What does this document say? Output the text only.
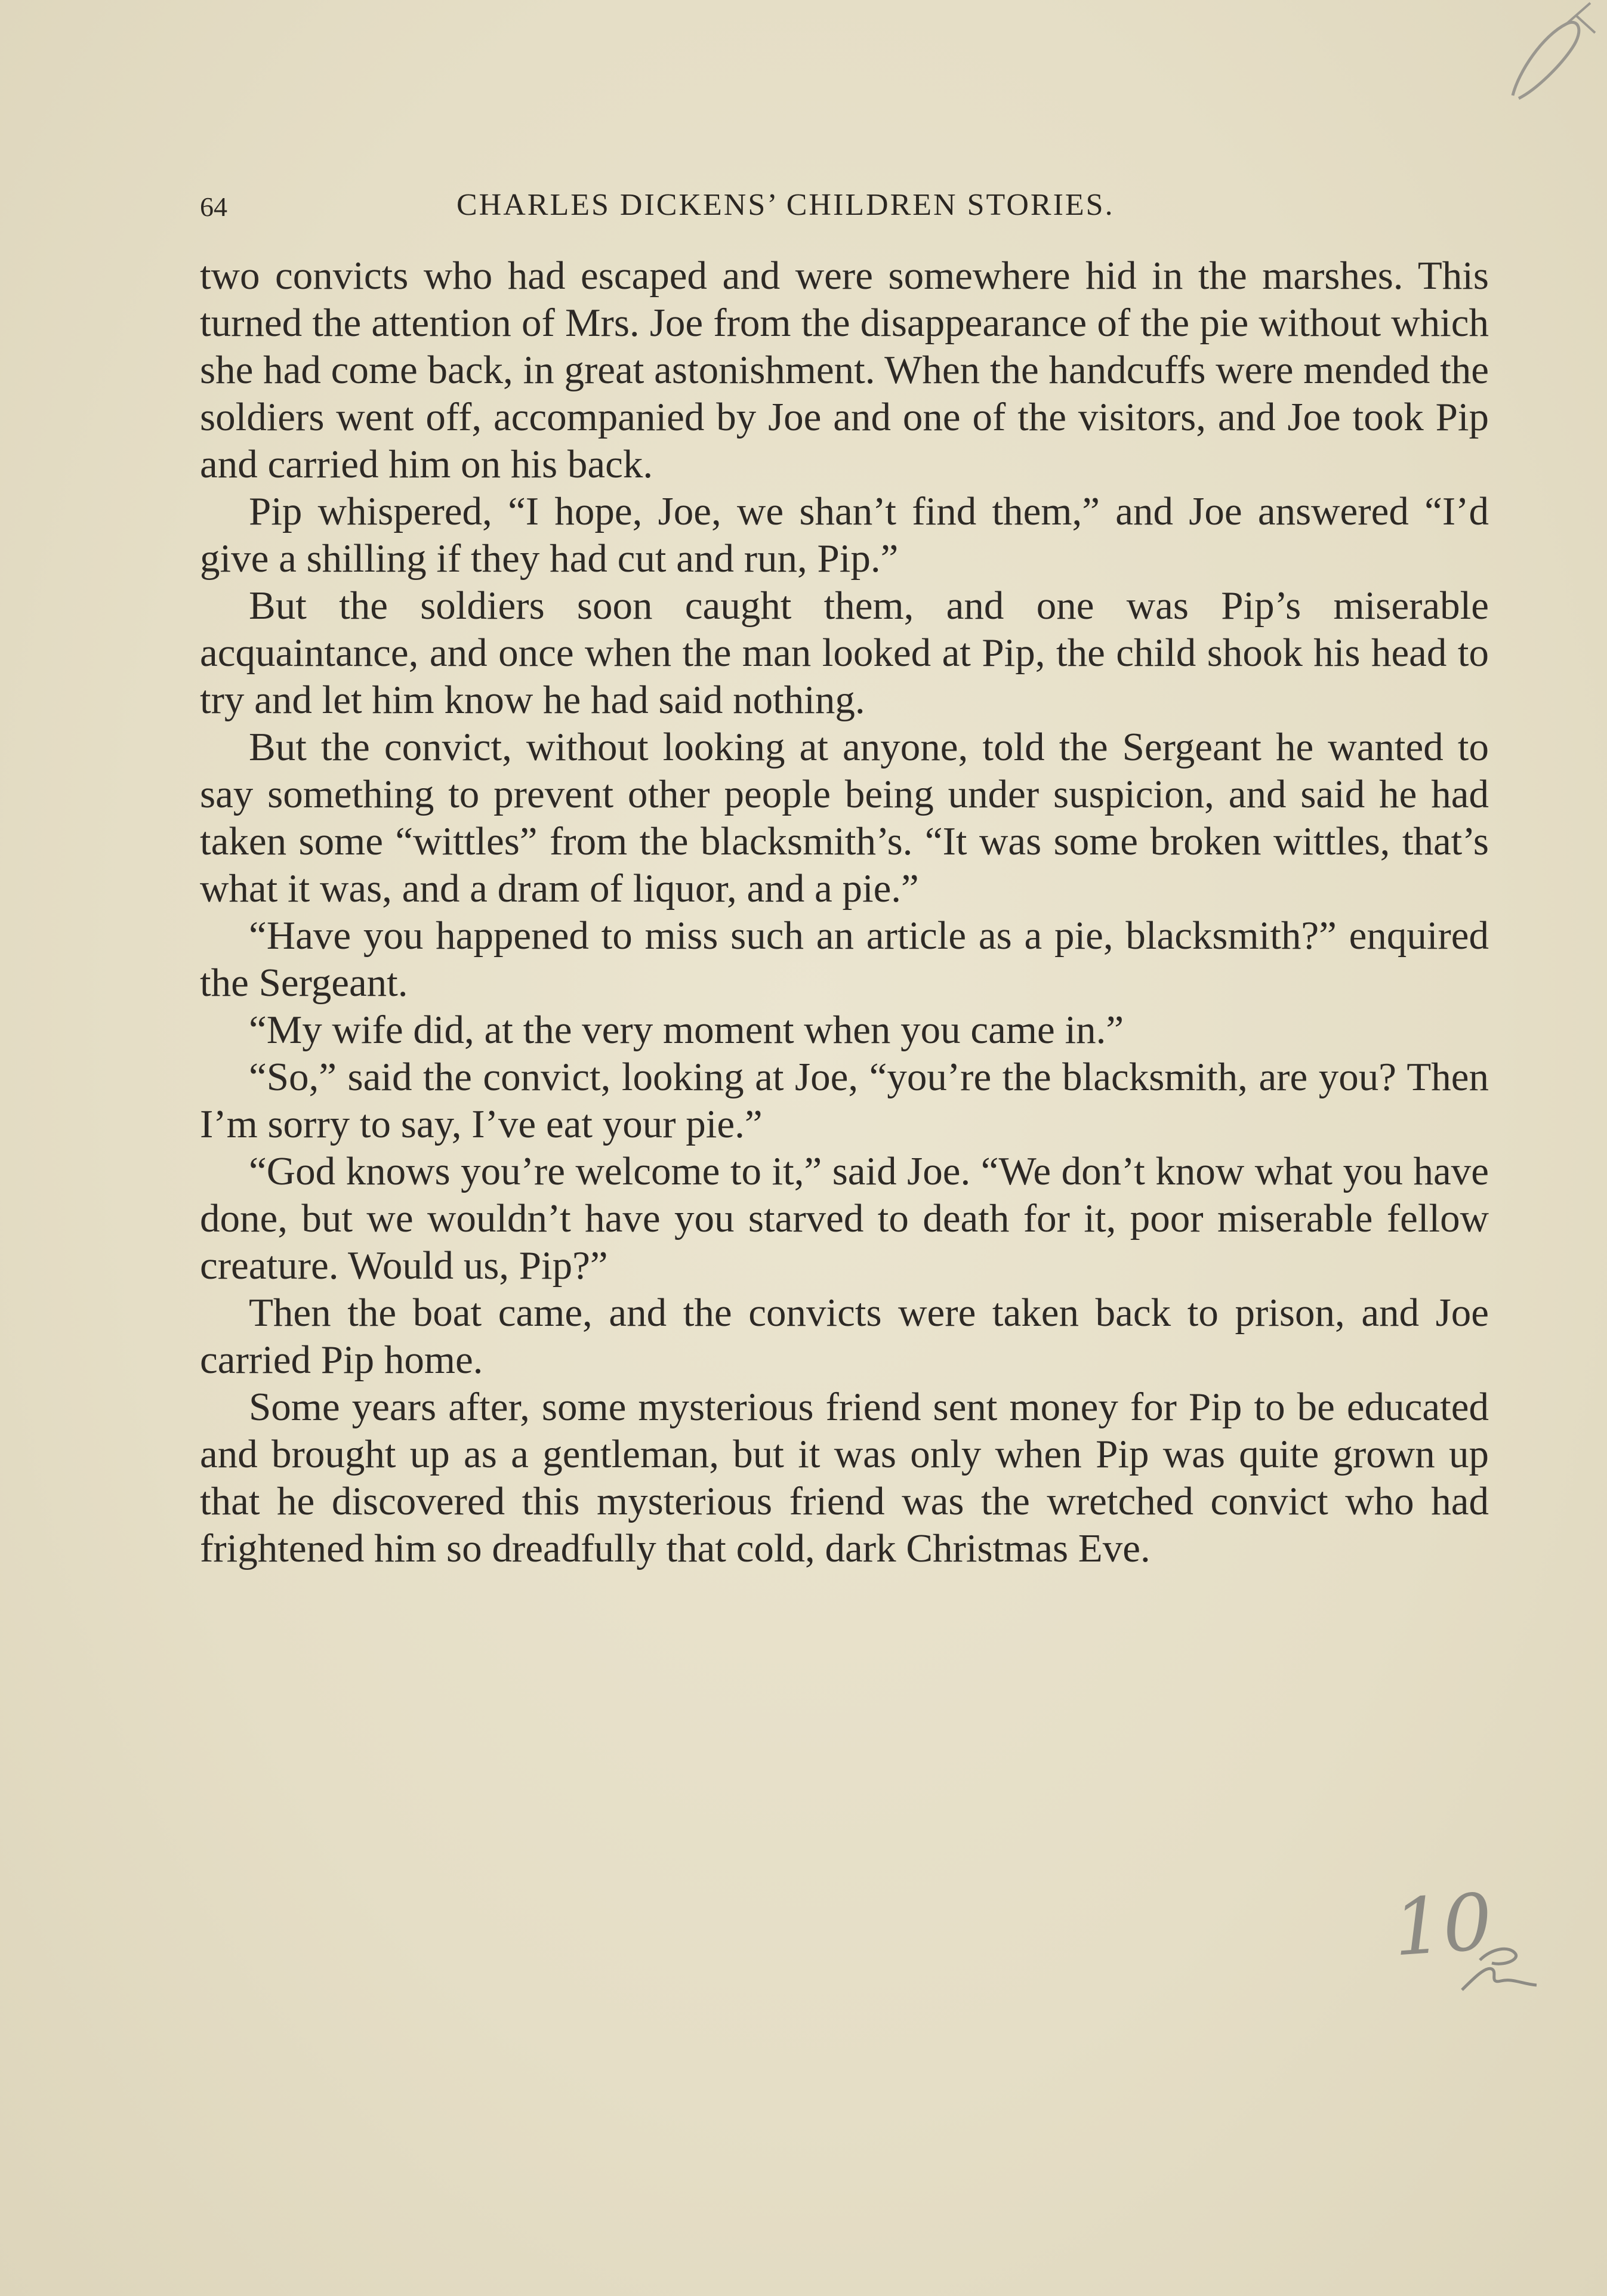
64	CHARLES DICKENS’ CHILDREN STORIES.

two convicts who had escaped and were somewhere hid in the marshes. This turned the attention of Mrs. Joe from the disappearance of the pie without which she had come back, in great astonishment. When the handcuffs were mended the soldiers went off, accompanied by Joe and one of the visitors, and Joe took Pip and carried him on his back.

Pip whispered, “I hope, Joe, we shan’t find them,” and Joe answered “I’d give a shilling if they had cut and run, Pip.”

But the soldiers soon caught them, and one was Pip’s miserable acquaintance, and once when the man looked at Pip, the child shook his head to try and let him know he had said nothing.

But the convict, without looking at anyone, told the Sergeant he wanted to say something to prevent other people being under suspicion, and said he had taken some “wittles” from the blacksmith’s. “It was some broken wittles, that’s what it was, and a dram of liquor, and a pie.”

“Have you happened to miss such an article as a pie, blacksmith?” enquired the Sergeant.

“My wife did, at the very moment when you came in.”

“So,” said the convict, looking at Joe, “you’re the blacksmith, are you? Then I’m sorry to say, I’ve eat your pie.”

“God knows you’re welcome to it,” said Joe. “We don’t know what you have done, but we wouldn’t have you starved to death for it, poor miserable fellow creature. Would us, Pip?”

Then the boat came, and the convicts were taken back to prison, and Joe carried Pip home.

Some years after, some mysterious friend sent money for Pip to be educated and brought up as a gentleman, but it was only when Pip was quite grown up that he discovered this mysterious friend was the wretched convict who had frightened him so dreadfully that cold, dark Christmas Eve.

10
